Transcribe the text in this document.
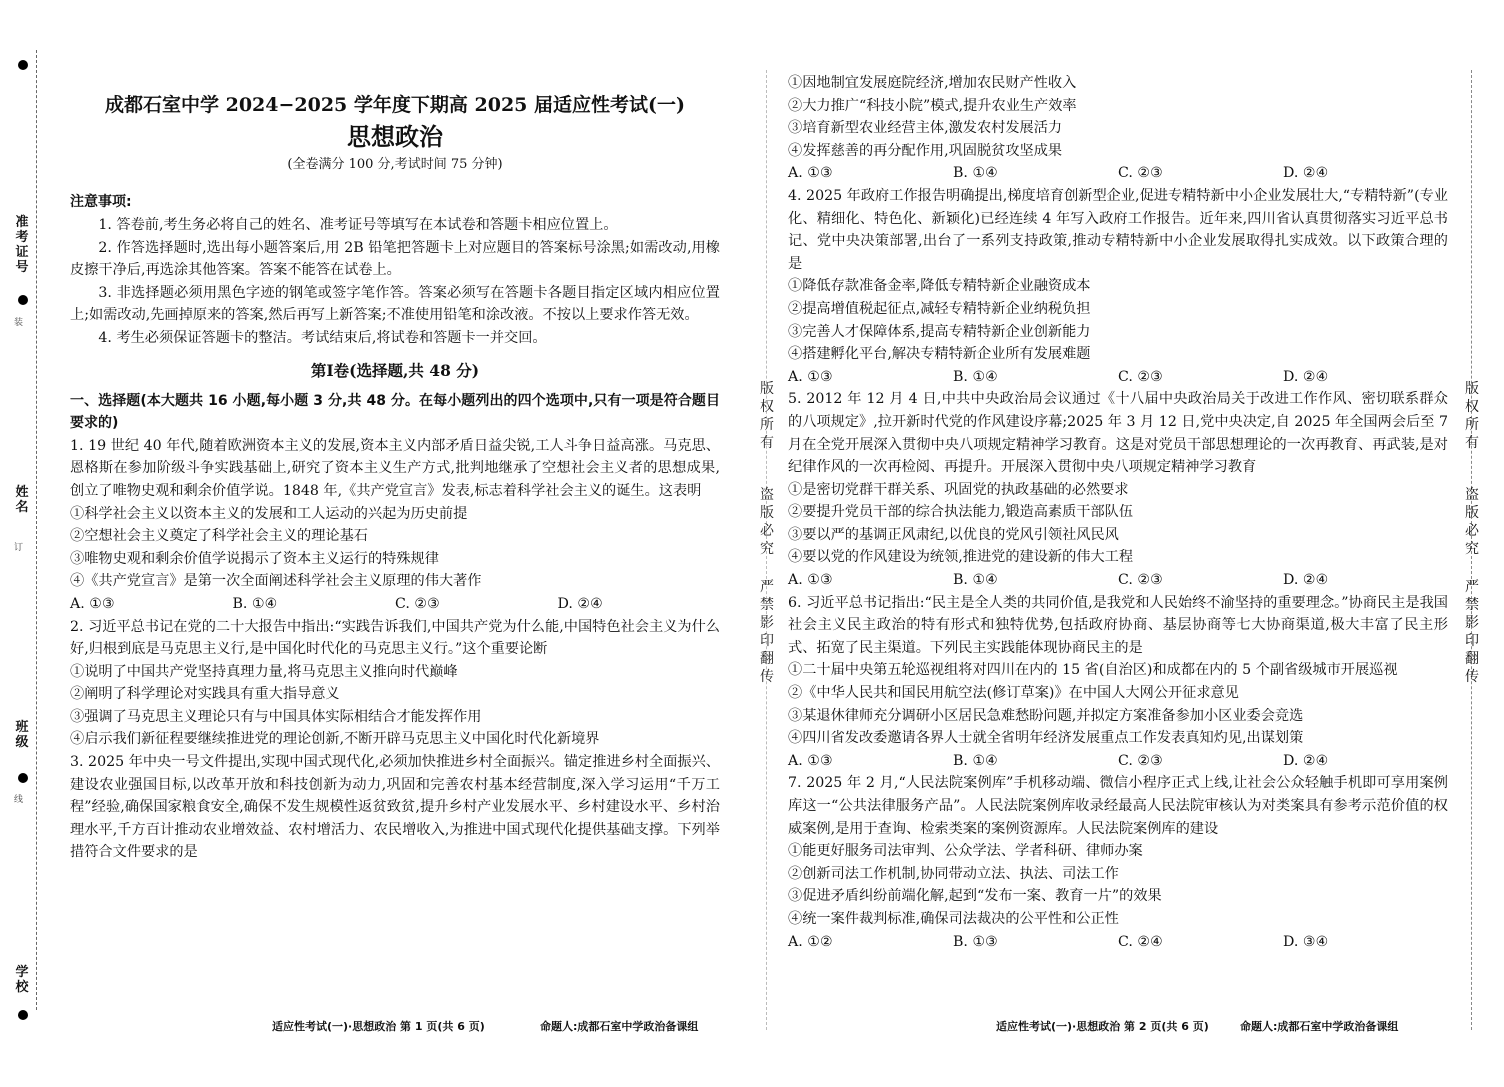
准考证号
装
姓名
订
班级
线
学校
成都石室中学 2024−2025 学年度下期高 2025 届适应性考试(一)
思想政治
(全卷满分 100 分,考试时间 75 分钟)
注意事项:
1. 答卷前,考生务必将自己的姓名、准考证号等填写在本试卷和答题卡相应位置上。
2. 作答选择题时,选出每小题答案后,用 2B 铅笔把答题卡上对应题目的答案标号涂黑;如需改动,用橡皮擦干净后,再选涂其他答案。答案不能答在试卷上。
3. 非选择题必须用黑色字迹的钢笔或签字笔作答。答案必须写在答题卡各题目指定区域内相应位置上;如需改动,先画掉原来的答案,然后再写上新答案;不准使用铅笔和涂改液。不按以上要求作答无效。
4. 考生必须保证答题卡的整洁。考试结束后,将试卷和答题卡一并交回。
第Ⅰ卷(选择题,共 48 分)
一、选择题(本大题共 16 小题,每小题 3 分,共 48 分。在每小题列出的四个选项中,只有一项是符合题目要求的)
1. 19 世纪 40 年代,随着欧洲资本主义的发展,资本主义内部矛盾日益尖锐,工人斗争日益高涨。马克思、恩格斯在参加阶级斗争实践基础上,研究了资本主义生产方式,批判地继承了空想社会主义者的思想成果,创立了唯物史观和剩余价值学说。1848 年,《共产党宣言》发表,标志着科学社会主义的诞生。这表明
①科学社会主义以资本主义的发展和工人运动的兴起为历史前提
②空想社会主义奠定了科学社会主义的理论基石
③唯物史观和剩余价值学说揭示了资本主义运行的特殊规律
④《共产党宣言》是第一次全面阐述科学社会主义原理的伟大著作
A. ①③	B. ①④	C. ②③	D. ②④
2. 习近平总书记在党的二十大报告中指出:“实践告诉我们,中国共产党为什么能,中国特色社会主义为什么好,归根到底是马克思主义行,是中国化时代化的马克思主义行。”这个重要论断
①说明了中国共产党坚持真理力量,将马克思主义推向时代巅峰
②阐明了科学理论对实践具有重大指导意义
③强调了马克思主义理论只有与中国具体实际相结合才能发挥作用
④启示我们新征程要继续推进党的理论创新,不断开辟马克思主义中国化时代化新境界
3. 2025 年中央一号文件提出,实现中国式现代化,必须加快推进乡村全面振兴。锚定推进乡村全面振兴、建设农业强国目标,以改革开放和科技创新为动力,巩固和完善农村基本经营制度,深入学习运用“千万工程”经验,确保国家粮食安全,确保不发生规模性返贫致贫,提升乡村产业发展水平、乡村建设水平、乡村治理水平,千方百计推动农业增效益、农村增活力、农民增收入,为推进中国式现代化提供基础支撑。下列举措符合文件要求的是
版权所有
盗版必究
严禁影印翻传
版权所有
盗版必究
严禁影印翻传
①因地制宜发展庭院经济,增加农民财产性收入
②大力推广“科技小院”模式,提升农业生产效率
③培育新型农业经营主体,激发农村发展活力
④发挥慈善的再分配作用,巩固脱贫攻坚成果
A. ①③	B. ①④	C. ②③	D. ②④
4. 2025 年政府工作报告明确提出,梯度培育创新型企业,促进专精特新中小企业发展壮大,“专精特新”(专业化、精细化、特色化、新颖化)已经连续 4 年写入政府工作报告。近年来,四川省认真贯彻落实习近平总书记、党中央决策部署,出台了一系列支持政策,推动专精特新中小企业发展取得扎实成效。以下政策合理的是
①降低存款准备金率,降低专精特新企业融资成本
②提高增值税起征点,减轻专精特新企业纳税负担
③完善人才保障体系,提高专精特新企业创新能力
④搭建孵化平台,解决专精特新企业所有发展难题
A. ①③	B. ①④	C. ②③	D. ②④
5. 2012 年 12 月 4 日,中共中央政治局会议通过《十八届中央政治局关于改进工作作风、密切联系群众的八项规定》,拉开新时代党的作风建设序幕;2025 年 3 月 12 日,党中央决定,自 2025 年全国两会后至 7 月在全党开展深入贯彻中央八项规定精神学习教育。这是对党员干部思想理论的一次再教育、再武装,是对纪律作风的一次再检阅、再提升。开展深入贯彻中央八项规定精神学习教育
①是密切党群干群关系、巩固党的执政基础的必然要求
②要提升党员干部的综合执法能力,锻造高素质干部队伍
③要以严的基调正风肃纪,以优良的党风引领社风民风
④要以党的作风建设为统领,推进党的建设新的伟大工程
A. ①③	B. ①④	C. ②③	D. ②④
6. 习近平总书记指出:“民主是全人类的共同价值,是我党和人民始终不渝坚持的重要理念。”协商民主是我国社会主义民主政治的特有形式和独特优势,包括政府协商、基层协商等七大协商渠道,极大丰富了民主形式、拓宽了民主渠道。下列民主实践能体现协商民主的是
①二十届中央第五轮巡视组将对四川在内的 15 省(自治区)和成都在内的 5 个副省级城市开展巡视
②《中华人民共和国民用航空法(修订草案)》在中国人大网公开征求意见
③某退休律师充分调研小区居民急难愁盼问题,并拟定方案准备参加小区业委会竞选
④四川省发改委邀请各界人士就全省明年经济发展重点工作发表真知灼见,出谋划策
A. ①③	B. ①④	C. ②③	D. ②④
7. 2025 年 2 月,“人民法院案例库”手机移动端、微信小程序正式上线,让社会公众轻触手机即可享用案例库这一“公共法律服务产品”。人民法院案例库收录经最高人民法院审核认为对类案具有参考示范价值的权威案例,是用于查询、检索类案的案例资源库。人民法院案例库的建设
①能更好服务司法审判、公众学法、学者科研、律师办案
②创新司法工作机制,协同带动立法、执法、司法工作
③促进矛盾纠纷前端化解,起到“发布一案、教育一片”的效果
④统一案件裁判标准,确保司法裁决的公平性和公正性
A. ①②	B. ①③	C. ②④	D. ③④
适应性考试(一)·思想政治 第 1 页(共 6 页)	命题人:成都石室中学政治备课组	适应性考试(一)·思想政治 第 2 页(共 6 页)	命题人:成都石室中学政治备课组
